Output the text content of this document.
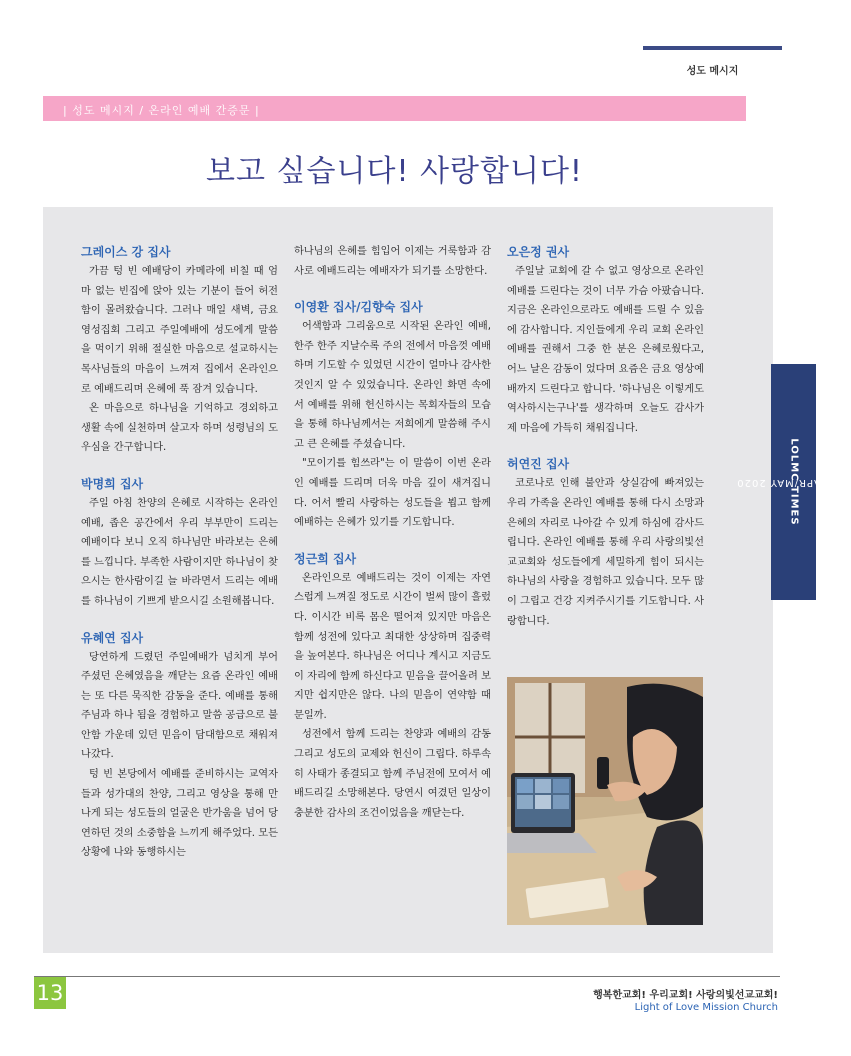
성도 메시지
| 성도 메시지 / 온라인 예배 간증문 |
보고 싶습니다! 사랑합니다!

그레이스 강 집사

가끔 텅 빈 예배당이 카메라에 비칠 때 엄마 없는 빈집에 앉아 있는 기분이 들어 허전함이 몰려왔습니다. 그러나 매일 새벽, 금요영성집회 그리고 주일예배에 성도에게 말씀을 먹이기 위해 절실한 마음으로 설교하시는 목사님들의 마음이 느껴져 집에서 온라인으로 예배드리며 은혜에 푹 잠겨 있습니다.

온 마음으로 하나님을 기억하고 경외하고 생활 속에 실천하며 살고자 하며 성령님의 도우심을 간구합니다.

박명희 집사

주일 아침 찬양의 은혜로 시작하는 온라인 예배, 좁은 공간에서 우리 부부만이 드리는 예배이다 보니 오직 하나님만 바라보는 은혜를 느낍니다. 부족한 사람이지만 하나님이 찾으시는 한사람이길 늘 바라면서 드리는 예배를 하나님이 기쁘게 받으시길 소원해봅니다.

유혜연 집사

당연하게 드렸던 주일예배가 넘치게 부어주셨던 은혜였음을 깨닫는 요즘 온라인 예배는 또 다른 묵직한 감동을 준다. 예배를 통해 주님과 하나 됨을 경험하고 말씀 공급으로 불안함 가운데 있던 믿음이 담대함으로 채워져 나갔다.

텅 빈 본당에서 예배를 준비하시는 교역자들과 성가대의 찬양, 그리고 영상을 통해 만나게 되는 성도들의 얼굴은 반가움을 넘어 당연하던 것의 소중함을 느끼게 해주었다. 모든 상황에 나와 동행하시는

하나님의 은혜를 힘입어 이제는 거룩함과 감사로 예배드리는 예배자가 되기를 소망한다.

이영환 집사/김향숙 집사

어색함과 그리움으로 시작된 온라인 예배, 한주 한주 지날수록 주의 전에서 마음껏 예배하며 기도할 수 있었던 시간이 얼마나 감사한 것인지 알 수 있었습니다. 온라인 화면 속에서 예배를 위해 헌신하시는 목회자들의 모습을 통해 하나님께서는 저희에게 말씀해 주시고 큰 은혜를 주셨습니다.

"모이기를 힘쓰라"는 이 말씀이 이번 온라인 예배를 드리며 더욱 마음 깊이 새겨집니다. 어서 빨리 사랑하는 성도들을 뵙고 함께 예배하는 은혜가 있기를 기도합니다.

정근희 집사

온라인으로 예배드리는 것이 이제는 자연스럽게 느껴질 정도로 시간이 벌써 많이 흘렀다. 이시간 비록 몸은 떨어져 있지만 마음은 함께 성전에 있다고 최대한 상상하며 집중력을 높여본다. 하나님은 어디나 계시고 지금도 이 자리에 함께 하신다고 믿음을 끌어올려 보지만 쉽지만은 않다. 나의 믿음이 연약함 때문일까.

성전에서 함께 드리는 찬양과 예배의 감동 그리고 성도의 교제와 헌신이 그립다. 하루속히 사태가 종결되고 함께 주님전에 모여서 예배드리길 소망해본다. 당연시 여겼던 일상이 충분한 감사의 조건이었음을 깨닫는다.

오은정 권사

주일날 교회에 갈 수 없고 영상으로 온라인 예배를 드린다는 것이 너무 가슴 아팠습니다. 지금은 온라인으로라도 예배를 드릴 수 있음에 감사합니다. 지인들에게 우리 교회 온라인 예배를 권해서 그중 한 분은 은혜로웠다고, 어느 날은 감동이 었다며 요즘은 금요 영상예배까지 드린다고 합니다. '하나님은 이렇게도 역사하시는구나'를 생각하며 오늘도 감사가 제 마음에 가득히 채워집니다.

허연진 집사

코로나로 인해 불안과 상실감에 빠져있는 우리 가족을 온라인 예배를 통해 다시 소망과 은혜의 자리로 나아갈 수 있게 하심에 감사드립니다. 온라인 예배를 통해 우리 사랑의빛선교교회와 성도들에게 세밀하게 힘이 되시는 하나님의 사랑을 경험하고 있습니다. 모두 많이 그립고 건강 지켜주시기를 기도합니다. 사랑합니다.

MAR/APR/MAY 2020
LOLMC TIMES
13	행복한교회! 우리교회! 사랑의빛선교교회!
Light of Love Mission Church
